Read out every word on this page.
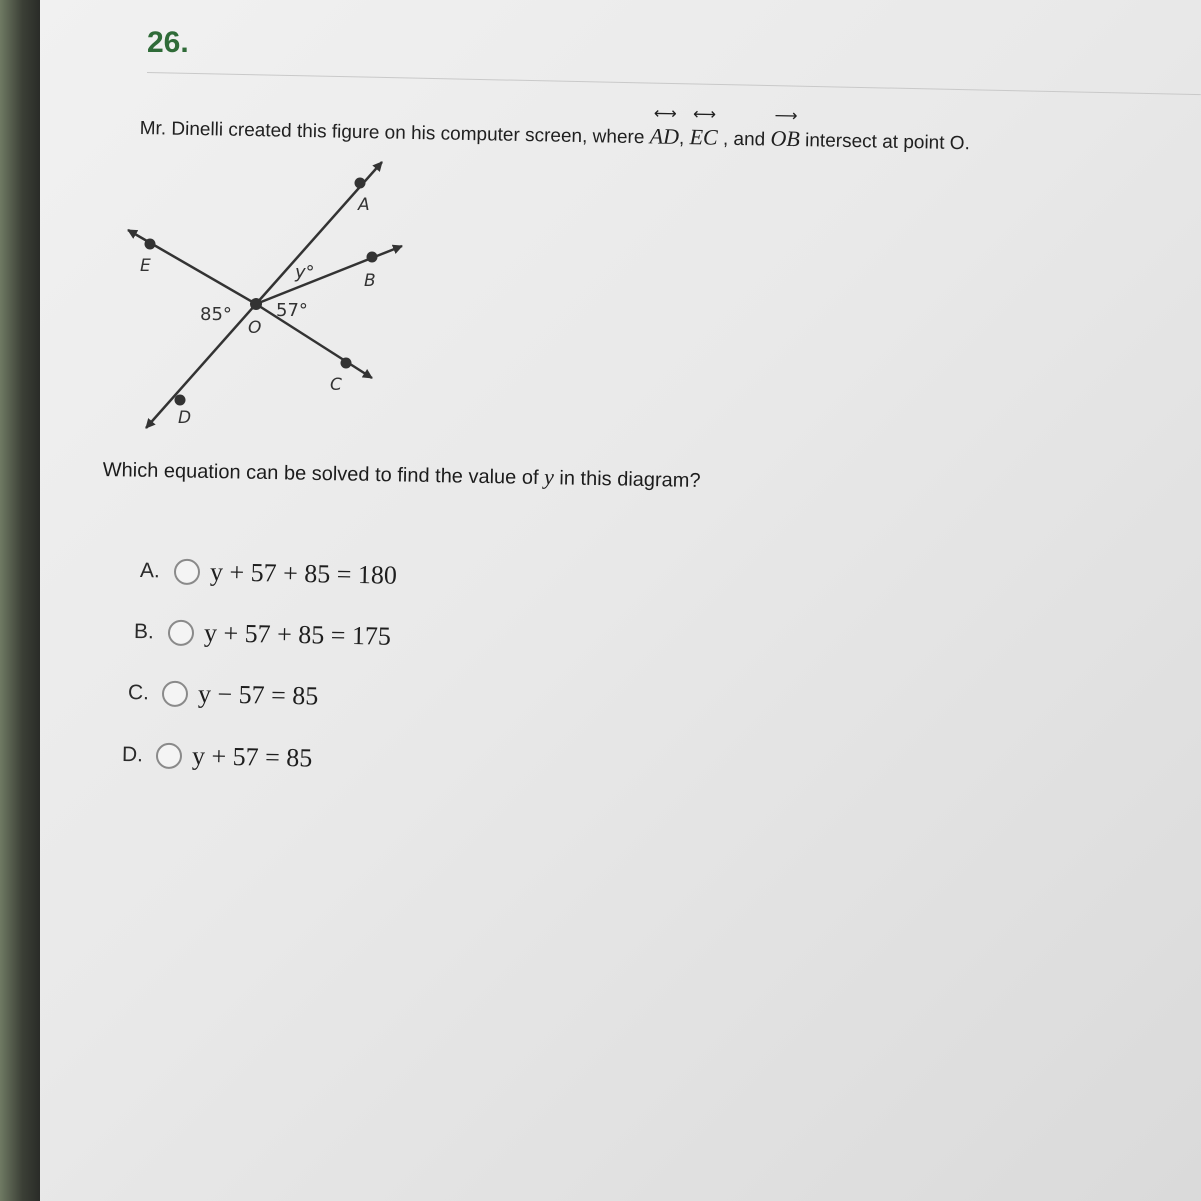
26.

Mr. Dinelli created this figure on his computer screen, where
⟷
AD,
⟷
EC , and
⟶
OB intersect at point O.

A
B
C
D
E
O
85° 57°
y°

Which equation can be solved to find the value of y in this diagram?

A.	y + 57 + 85 = 180
B.	y + 57 + 85 = 175
C.	y − 57 = 85
D.	y + 57 = 85
